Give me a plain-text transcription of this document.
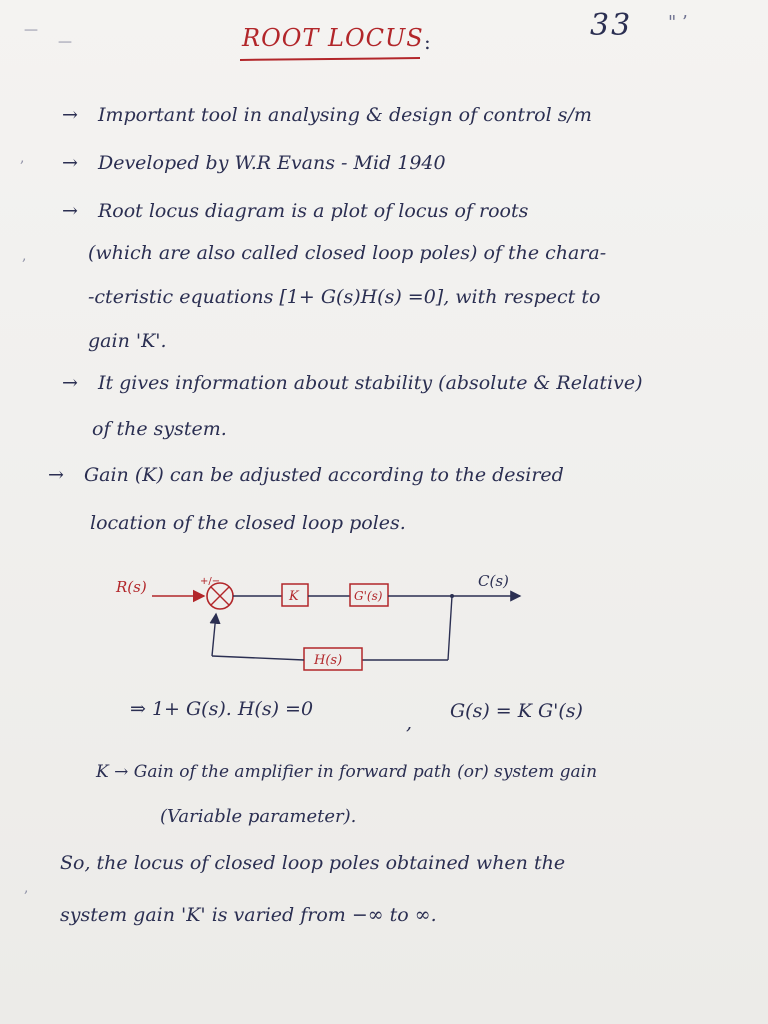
—
—
,
,
,
33 " ’
ROOT LOCUS :
→ Important tool in analysing & design of control s/m
→ Developed by W.R Evans - Mid 1940
→ Root locus diagram is a plot of locus of roots
(which are also called closed loop poles) of the chara-
-cteristic equations [1+ G(s)H(s) =0], with respect to
gain 'K'.
→ It gives information about stability (absolute & Relative)
of the system.
→ Gain (K) can be adjusted according to the desired
location of the closed loop poles.
R(s)	+/−
K	G'(s)
C(s)
H(s)
⇒ 1+ G(s). H(s) =0
,
G(s) = K G'(s)
K → Gain of the amplifier in forward path (or) system gain
(Variable parameter).
So, the locus of closed loop poles obtained when the
system gain 'K' is varied from −∞ to ∞.
